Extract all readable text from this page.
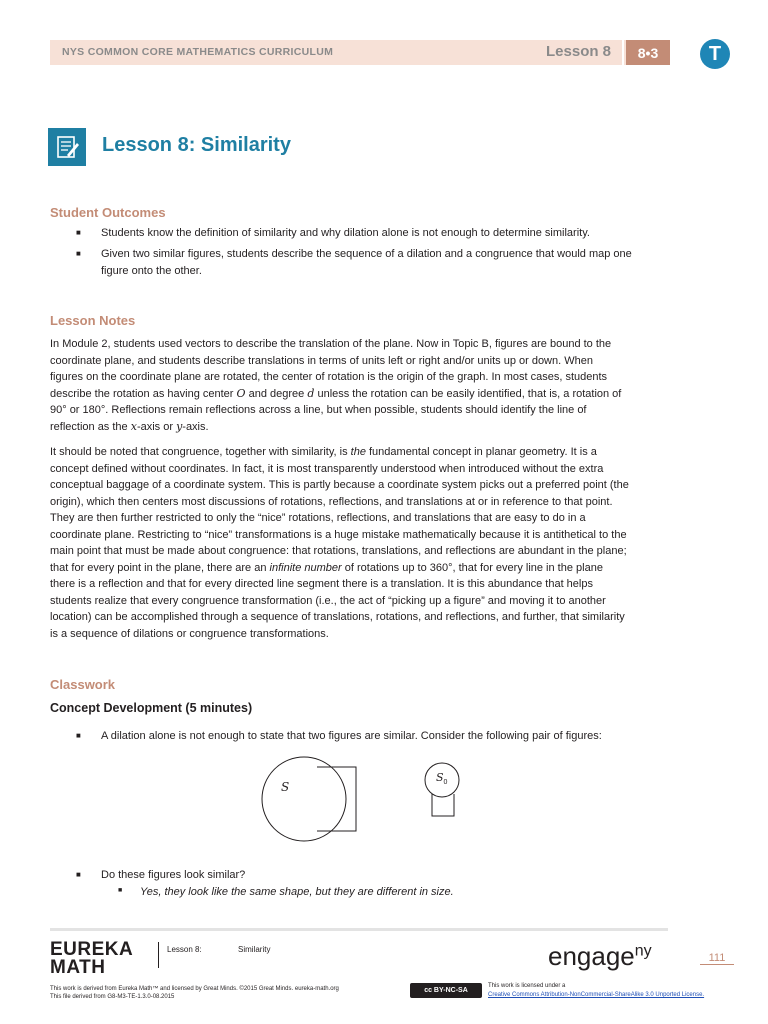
NYS COMMON CORE MATHEMATICS CURRICULUM	Lesson 8	8•3	T
Lesson 8: Similarity
Student Outcomes
■ Students know the definition of similarity and why dilation alone is not enough to determine similarity.
■ Given two similar figures, students describe the sequence of a dilation and a congruence that would map one
figure onto the other.
Lesson Notes
In Module 2, students used vectors to describe the translation of the plane. Now in Topic B, figures are bound to the
coordinate plane, and students describe translations in terms of units left or right and/or units up or down. When
figures on the coordinate plane are rotated, the center of rotation is the origin of the graph. In most cases, students
describe the rotation as having center O and degree d unless the rotation can be easily identified, that is, a rotation of
90° or 180°. Reflections remain reflections across a line, but when possible, students should identify the line of
reflection as the x-axis or y-axis.
It should be noted that congruence, together with similarity, is the fundamental concept in planar geometry. It is a
concept defined without coordinates. In fact, it is most transparently understood when introduced without the extra
conceptual baggage of a coordinate system. This is partly because a coordinate system picks out a preferred point (the
origin), which then centers most discussions of rotations, reflections, and translations at or in reference to that point.
They are then further restricted to only the “nice” rotations, reflections, and translations that are easy to do in a
coordinate plane. Restricting to “nice” transformations is a huge mistake mathematically because it is antithetical to the
main point that must be made about congruence: that rotations, translations, and reflections are abundant in the plane;
that for every point in the plane, there are an infinite number of rotations up to 360°, that for every line in the plane
there is a reflection and that for every directed line segment there is a translation. It is this abundance that helps
students realize that every congruence transformation (i.e., the act of “picking up a figure” and moving it to another
location) can be accomplished through a sequence of translations, rotations, and reflections, and further, that similarity
is a sequence of dilations or congruence transformations.
Classwork
Concept Development (5 minutes)
■ A dilation alone is not enough to state that two figures are similar. Consider the following pair of figures:
S
$S_0$
■ Do these figures look similar?
■ Yes, they look like the same shape, but they are different in size.
EUREKA
MATH
Lesson 8:	Similarity	engage$^{ny}$	111
This work is derived from Eureka Math™ and licensed by Great Minds. ©2015 Great Minds. eureka-math.org
This file derived from G8-M3-TE-1.3.0-08.2015
cc BY-NC-SA
This work is licensed under a
Creative Commons Attribution-NonCommercial-ShareAlike 3.0 Unported License.
